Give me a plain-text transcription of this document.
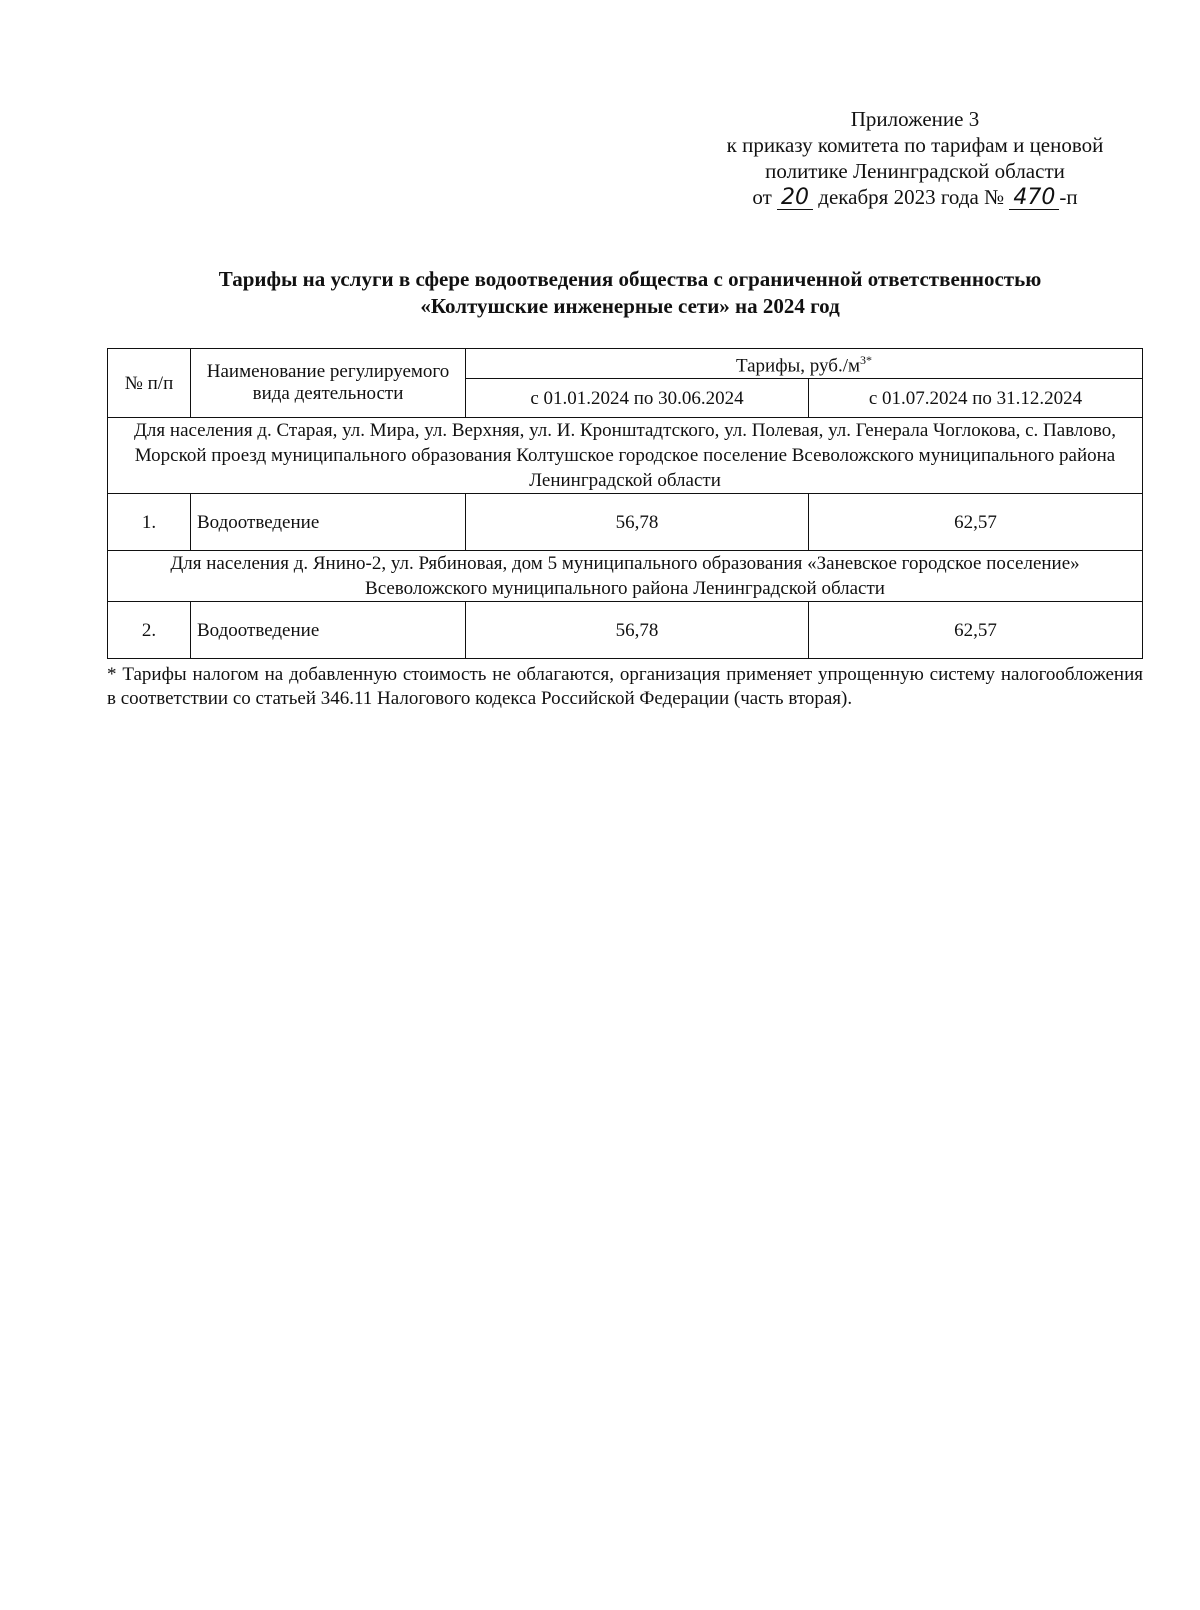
Приложение 3
к приказу комитета по тарифам и ценовой
политике Ленинградской области
от 20 декабря 2023 года № 470 -п
Тарифы на услуги в сфере водоотведения общества с ограниченной ответственностью
«Колтушские инженерные сети» на 2024 год
№ п/п	Наименование регулируемого вида деятельности	Тарифы, $руб./м^{3*}$
		с 01.01.2024 по 30.06.2024	с 01.07.2024 по 31.12.2024
Для населения д. Старая, ул. Мира, ул. Верхняя, ул. И. Кронштадтского, ул. Полевая, ул. Генерала Чоглокова, с. Павлово, Морской проезд муниципального образования Колтушское городское поселение Всеволожского муниципального района Ленинградской области			
1.	Водоотведение	56,78	62,57
Для населения д. Янино-2, ул. Рябиновая, дом 5 муниципального образования «Заневское городское поселение» Всеволожского муниципального района Ленинградской области			
2.	Водоотведение	56,78	62,57
* Тарифы налогом на добавленную стоимость не облагаются, организация применяет упрощенную систему налогообложения в соответствии со статьей 346.11 Налогового кодекса Российской Федерации (часть вторая).
